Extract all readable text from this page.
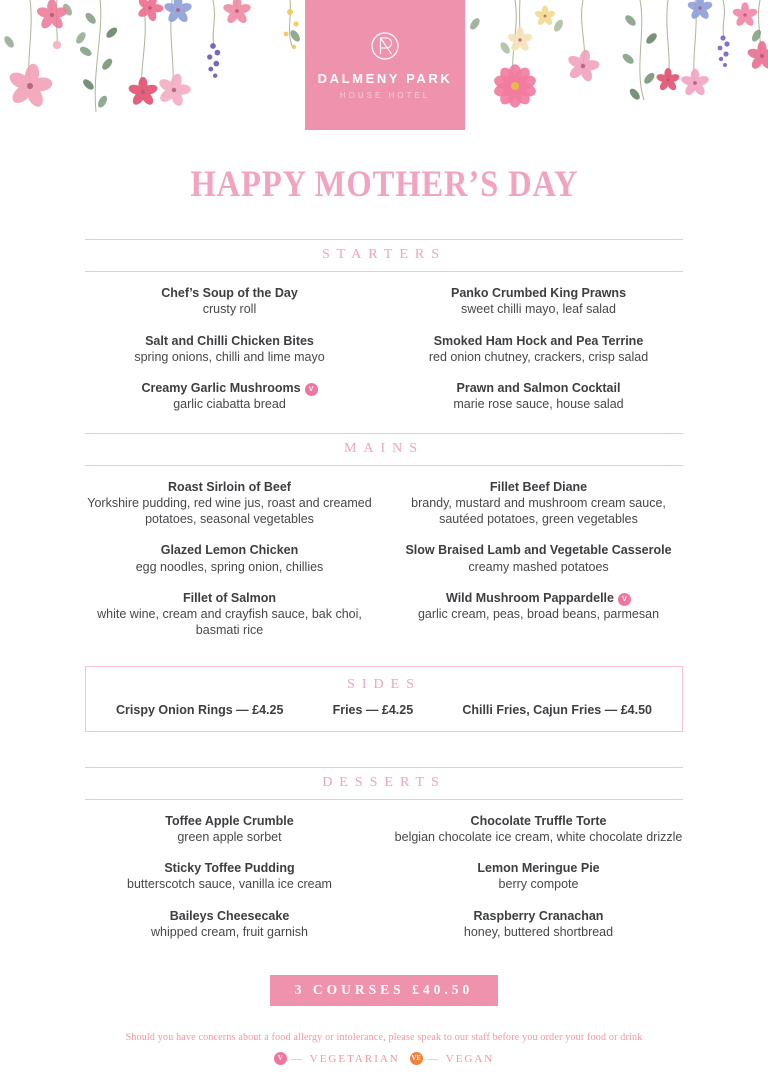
DALMENY PARK
HOUSE HOTEL
HAPPY MOTHER’S DAY
STARTERS
Chef’s Soup of the Day
crusty roll
Salt and Chilli Chicken Bites
spring onions, chilli and lime mayo
Creamy Garlic Mushrooms V
garlic ciabatta bread
Panko Crumbed King Prawns
sweet chilli mayo, leaf salad
Smoked Ham Hock and Pea Terrine
red onion chutney, crackers, crisp salad
Prawn and Salmon Cocktail
marie rose sauce, house salad
MAINS
Roast Sirloin of Beef
Yorkshire pudding, red wine jus, roast and creamed potatoes, seasonal vegetables
Glazed Lemon Chicken
egg noodles, spring onion, chillies
Fillet of Salmon
white wine, cream and crayfish sauce, bak choi, basmati rice
Fillet Beef Diane
brandy, mustard and mushroom cream sauce, sautéed potatoes, green vegetables
Slow Braised Lamb and Vegetable Casserole
creamy mashed potatoes
Wild Mushroom Pappardelle V
garlic cream, peas, broad beans, parmesan
SIDES
Crispy Onion Rings — £4.25	Fries — £4.25	Chilli Fries, Cajun Fries — £4.50
DESSERTS
Toffee Apple Crumble
green apple sorbet
Sticky Toffee Pudding
butterscotch sauce, vanilla ice cream
Baileys Cheesecake
whipped cream, fruit garnish
Chocolate Truffle Torte
belgian chocolate ice cream, white chocolate drizzle
Lemon Meringue Pie
berry compote
Raspberry Cranachan
honey, buttered shortbread
3 COURSES £40.50
Should you have concerns about a food allergy or intolerance, please speak to our staff before you order your food or drink
V — VEGETARIAN VE — VEGAN
